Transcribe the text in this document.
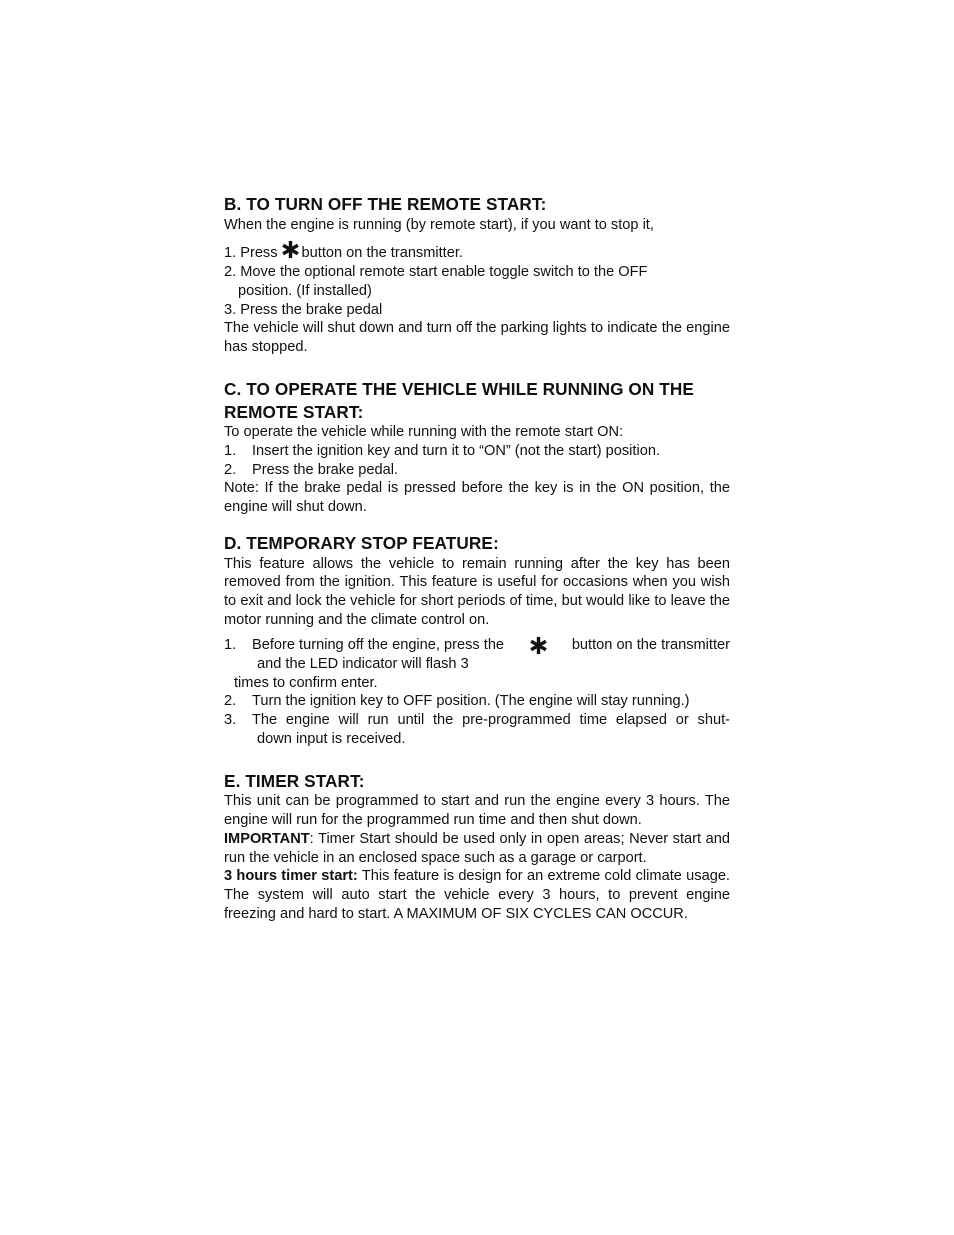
B. TO TURN OFF THE REMOTE START:

When the engine is running (by remote start), if you want to stop it,

1. Press button on the transmitter.

2. Move the optional remote start enable toggle switch to the OFF

position. (If installed)

3. Press the brake pedal

The vehicle will shut down and turn off the parking lights to indicate the engine has stopped.

C. TO OPERATE THE VEHICLE WHILE RUNNING ON THE REMOTE START:

To operate the vehicle while running with the remote start ON:

1. Insert the ignition key and turn it to “ON” (not the start) position.

2. Press the brake pedal.

Note: If the brake pedal is pressed before the key is in the ON position, the engine will shut down.

D. TEMPORARY STOP FEATURE:

This feature allows the vehicle to remain running after the key has been removed from the ignition. This feature is useful for occasions when you wish to exit and lock the vehicle for short periods of time, but would like to leave the motor running and the climate control on.

1. Before turning off the engine, press the	button on the transmitter

and the LED indicator will flash 3

times to confirm enter.

2. Turn the ignition key to OFF position. (The engine will stay running.)

3.	The engine will run until the pre-programmed time elapsed or shut-

down input is received.

E. TIMER START:

This unit can be programmed to start and run the engine every 3 hours. The engine will run for the programmed run time and then shut down.

IMPORTANT: Timer Start should be used only in open areas; Never start and run the vehicle in an enclosed space such as a garage or carport.

3 hours timer start: This feature is design for an extreme cold climate usage. The system will auto start the vehicle every 3 hours, to prevent engine freezing and hard to start. A MAXIMUM OF SIX CYCLES CAN OCCUR.
